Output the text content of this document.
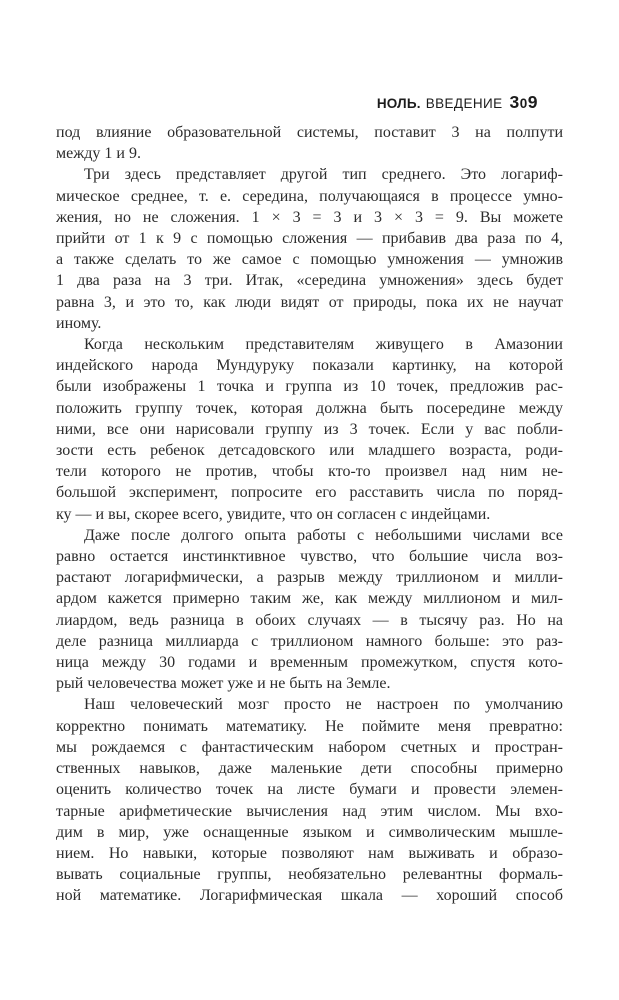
НОЛЬ. ВВЕДЕНИЕ 309
под влияние образовательной системы, поставит 3 на полпути
между 1 и 9.
Три здесь представляет другой тип среднего. Это логариф-
мическое среднее, т. е. середина, получающаяся в процессе умно-
жения, но не сложения. 1 × 3 = 3 и 3 × 3 = 9. Вы можете
прийти от 1 к 9 с помощью сложения — прибавив два раза по 4,
а также сделать то же самое с помощью умножения — умножив
1 два раза на 3 три. Итак, «середина умножения» здесь будет
равна 3, и это то, как люди видят от природы, пока их не научат
иному.
Когда нескольким представителям живущего в Амазонии
индейского народа Мундуруку показали картинку, на которой
были изображены 1 точка и группа из 10 точек, предложив рас-
положить группу точек, которая должна быть посередине между
ними, все они нарисовали группу из 3 точек. Если у вас побли-
зости есть ребенок детсадовского или младшего возраста, роди-
тели которого не против, чтобы кто-то произвел над ним не-
большой эксперимент, попросите его расставить числа по поряд-
ку — и вы, скорее всего, увидите, что он согласен с индейцами.
Даже после долгого опыта работы с небольшими числами все
равно остается инстинктивное чувство, что большие числа воз-
растают логарифмически, а разрыв между триллионом и милли-
ардом кажется примерно таким же, как между миллионом и мил-
лиардом, ведь разница в обоих случаях — в тысячу раз. Но на
деле разница миллиарда с триллионом намного больше: это раз-
ница между 30 годами и временным промежутком, спустя кото-
рый человечества может уже и не быть на Земле.
Наш человеческий мозг просто не настроен по умолчанию
корректно понимать математику. Не поймите меня превратно:
мы рождаемся с фантастическим набором счетных и простран-
ственных навыков, даже маленькие дети способны примерно
оценить количество точек на листе бумаги и провести элемен-
тарные арифметические вычисления над этим числом. Мы вхо-
дим в мир, уже оснащенные языком и символическим мышле-
нием. Но навыки, которые позволяют нам выживать и образо-
вывать социальные группы, необязательно релевантны формаль-
ной математике. Логарифмическая шкала — хороший способ
